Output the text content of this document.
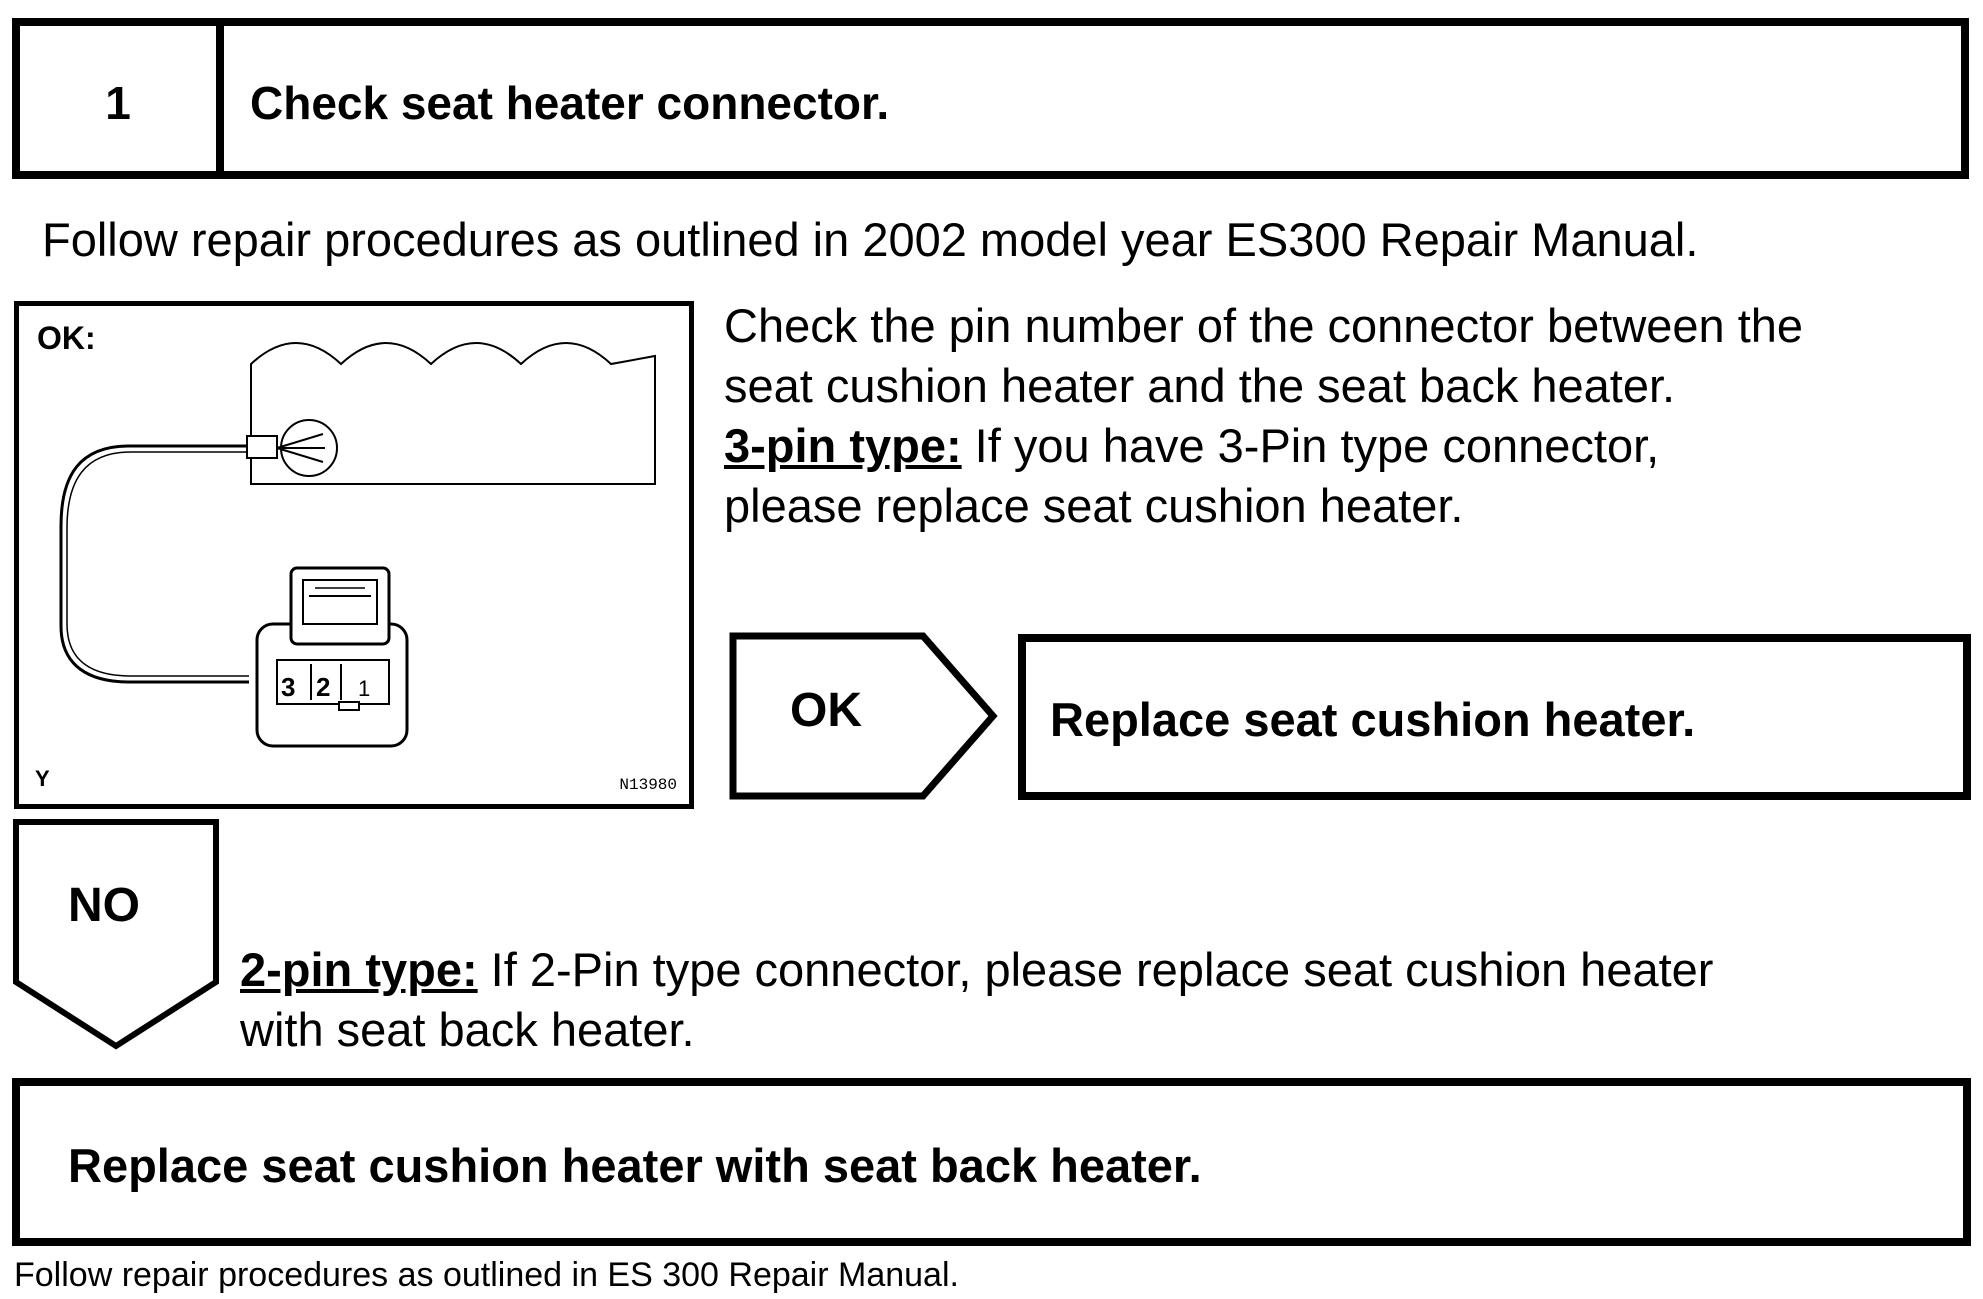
1	Check seat heater connector.
Follow repair procedures as outlined in 2002 model year ES300 Repair Manual.
3 2 1
OK:
Y	N13980
Check the pin number of the connector between the
seat cushion heater and the seat back heater.
3-pin type: If you have 3-Pin type connector,
please replace seat cushion heater.
OK	Replace seat cushion heater.
NO
2-pin type: If 2-Pin type connector, please replace seat cushion heater
with seat back heater.
Replace seat cushion heater with seat back heater.
Follow repair procedures as outlined in ES 300 Repair Manual.
